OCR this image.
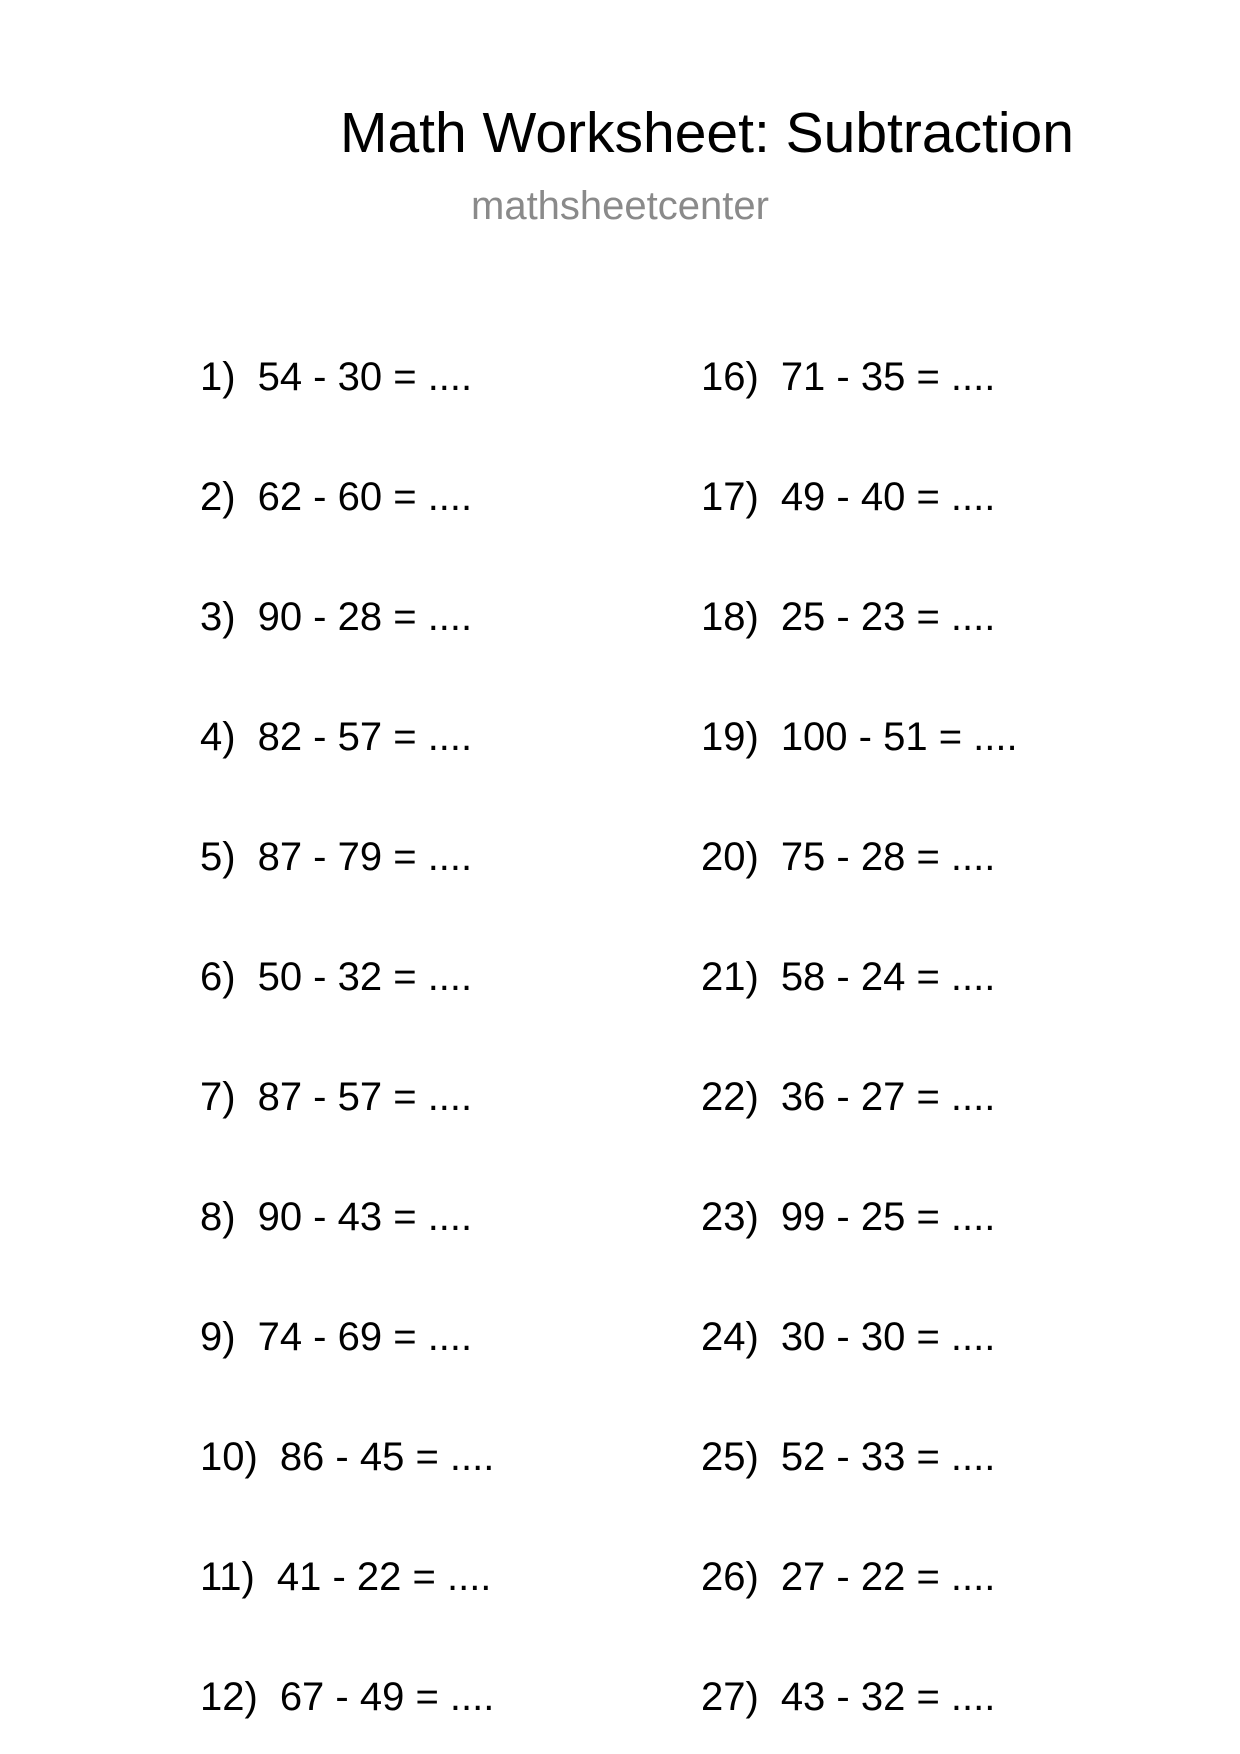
Math Worksheet: Subtraction
mathsheetcenter
1) 54 - 30 = ....
2) 62 - 60 = ....
3) 90 - 28 = ....
4) 82 - 57 = ....
5) 87 - 79 = ....
6) 50 - 32 = ....
7) 87 - 57 = ....
8) 90 - 43 = ....
9) 74 - 69 = ....
10) 86 - 45 = ....
11) 41 - 22 = ....
12) 67 - 49 = ....
16) 71 - 35 = ....
17) 49 - 40 = ....
18) 25 - 23 = ....
19) 100 - 51 = ....
20) 75 - 28 = ....
21) 58 - 24 = ....
22) 36 - 27 = ....
23) 99 - 25 = ....
24) 30 - 30 = ....
25) 52 - 33 = ....
26) 27 - 22 = ....
27) 43 - 32 = ....
